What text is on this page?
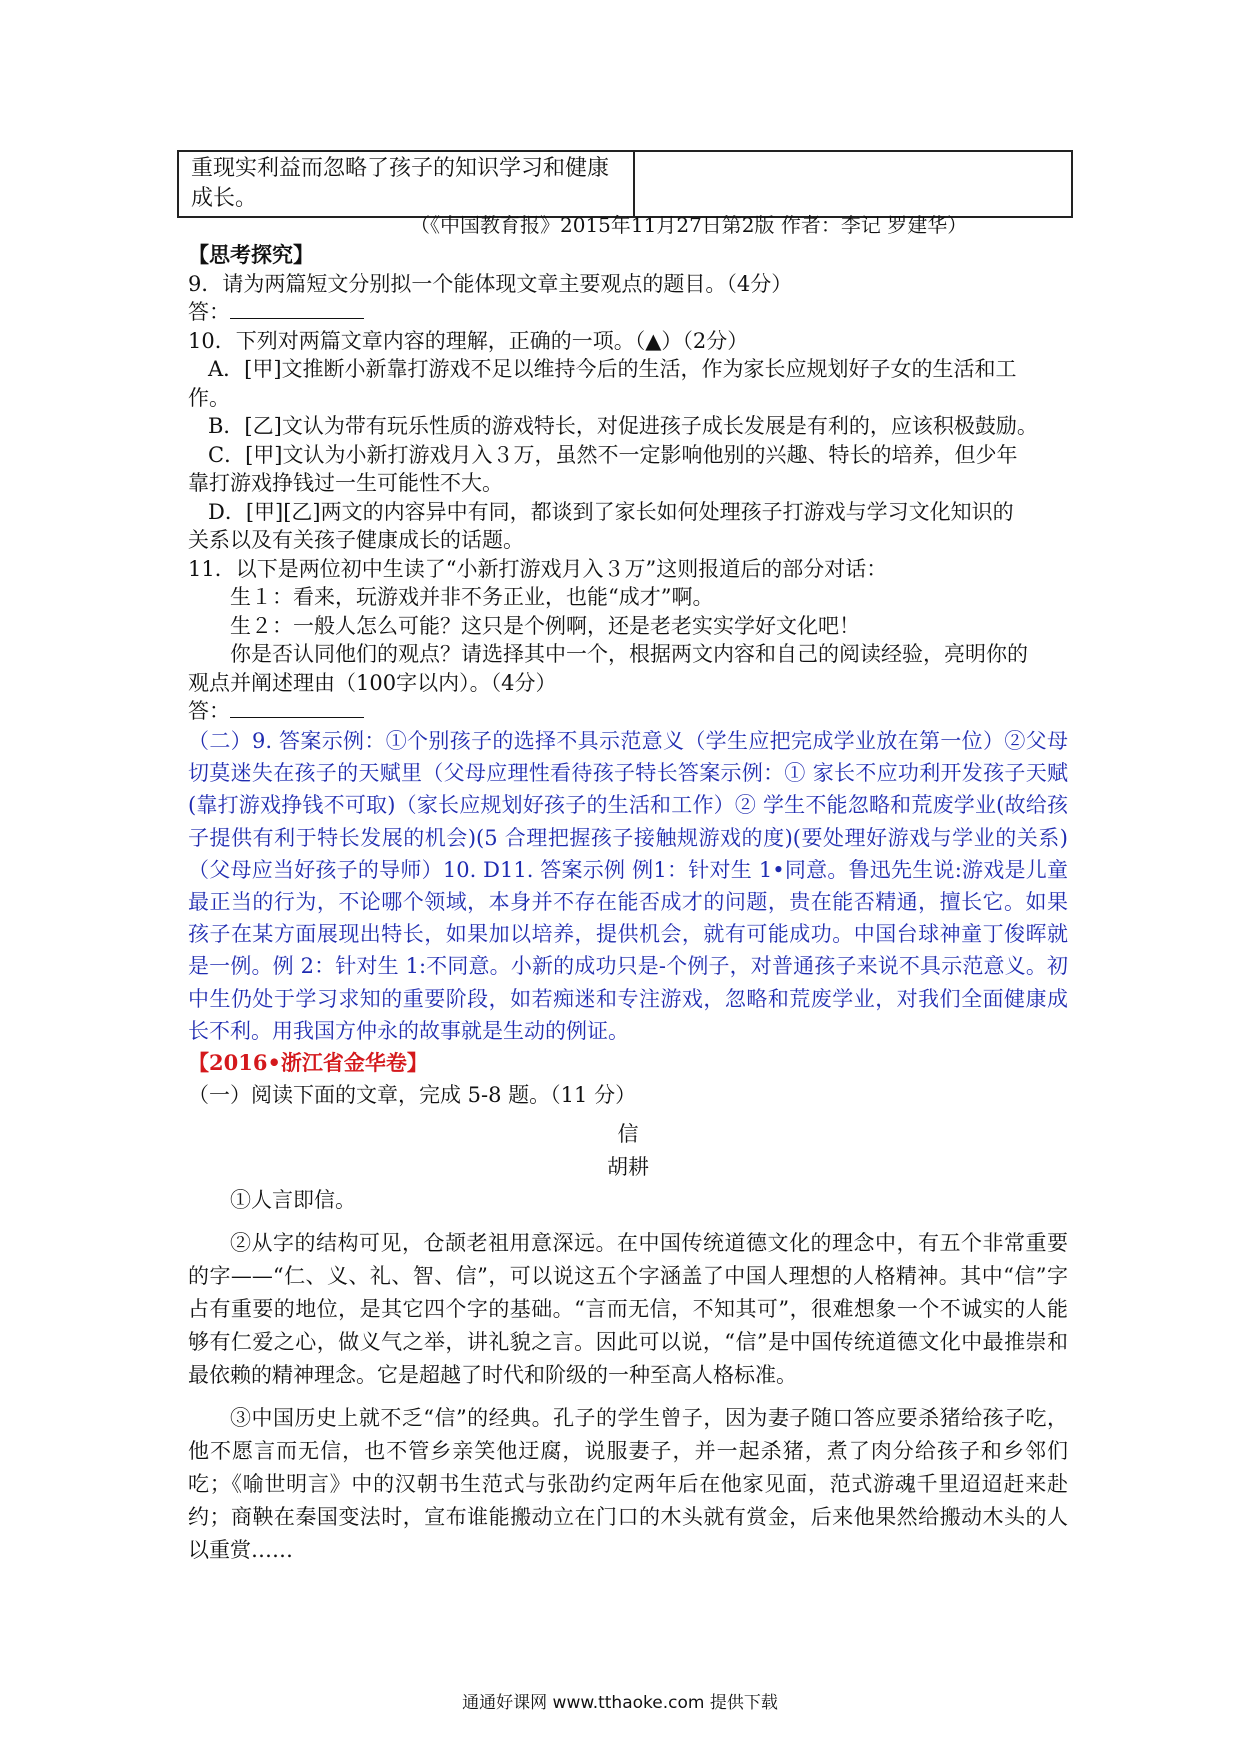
重现实利益而忽略了孩子的知识学习和健康
成长。

（《中国教育报》2015年11月27日第2版 作者：李记 罗建华）
【思考探究】
9．请为两篇短文分别拟一个能体现文章主要观点的题目。（4分）
答：
10．下列对两篇文章内容的理解，正确的一项。（▲）（2分）
A．[甲]文推断小新靠打游戏不足以维持今后的生活，作为家长应规划好子女的生活和工
作。
B．[乙]文认为带有玩乐性质的游戏特长，对促进孩子成长发展是有利的，应该积极鼓励。
C．[甲]文认为小新打游戏月入３万，虽然不一定影响他别的兴趣、特长的培养，但少年
靠打游戏挣钱过一生可能性不大。
D．[甲][乙]两文的内容异中有同，都谈到了家长如何处理孩子打游戏与学习文化知识的
关系以及有关孩子健康成长的话题。
11．以下是两位初中生读了“小新打游戏月入３万”这则报道后的部分对话：
生１：看来，玩游戏并非不务正业，也能“成才”啊。
生２：一般人怎么可能？这只是个例啊，还是老老实实学好文化吧！
你是否认同他们的观点？请选择其中一个，根据两文内容和自己的阅读经验，亮明你的
观点并阐述理由（100字以内）。（4分）
答：
（二）9. 答案示例：①个别孩子的选择不具示范意义（学生应把完成学业放在第一位）②父母切莫迷失在孩子的天赋里（父母应理性看待孩子特长答案示例：① 家长不应功利开发孩子天赋(靠打游戏挣钱不可取)（家长应规划好孩子的生活和工作）② 学生不能忽略和荒废学业(故给孩子提供有利于特长发展的机会)(5 合理把握孩子接触规游戏的度)(要处理好游戏与学业的关系)（父母应当好孩子的导师）10. D11. 答案示例 例1：针对生 1•同意。鲁迅先生说:游戏是儿童最正当的行为，不论哪个领域，本身并不存在能否成才的问题，贵在能否精通，擅长它。如果孩子在某方面展现出特长，如果加以培养，提供机会，就有可能成功。中国台球神童丁俊晖就是一例。例 2：针对生 1:不同意。小新的成功只是-个例子，对普通孩子来说不具示范意义。初中生仍处于学习求知的重要阶段，如若痴迷和专注游戏，忽略和荒废学业，对我们全面健康成长不利。用我国方仲永的故事就是生动的例证。
【2016•浙江省金华卷】
（一）阅读下面的文章，完成 5-8 题。（11 分）
信
胡耕

①人言即信。

②从字的结构可见，仓颉老祖用意深远。在中国传统道德文化的理念中，有五个非常重要的字——“仁、义、礼、智、信”，可以说这五个字涵盖了中国人理想的人格精神。其中“信”字占有重要的地位，是其它四个字的基础。“言而无信，不知其可”，很难想象一个不诚实的人能够有仁爱之心，做义气之举，讲礼貌之言。因此可以说，“信”是中国传统道德文化中最推崇和最依赖的精神理念。它是超越了时代和阶级的一种至高人格标准。

③中国历史上就不乏“信”的经典。孔子的学生曾子，因为妻子随口答应要杀猪给孩子吃，他不愿言而无信，也不管乡亲笑他迂腐，说服妻子，并一起杀猪，煮了肉分给孩子和乡邻们吃；《喻世明言》中的汉朝书生范式与张劭约定两年后在他家见面，范式游魂千里迢迢赶来赴约；商鞅在秦国变法时，宣布谁能搬动立在门口的木头就有赏金，后来他果然给搬动木头的人以重赏……

通通好课网 www.tthaoke.com 提供下载
